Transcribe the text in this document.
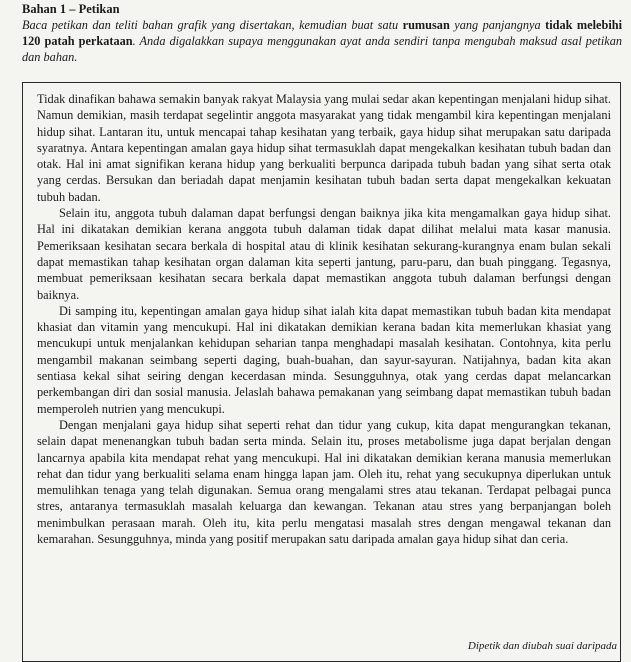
Bahan 1 – Petikan
Baca petikan dan teliti bahan grafik yang disertakan, kemudian buat satu rumusan yang panjangnya tidak melebihi 120 patah perkataan. Anda digalakkan supaya menggunakan ayat anda sendiri tanpa mengubah maksud asal petikan dan bahan.

Tidak dinafikan bahawa semakin banyak rakyat Malaysia yang mulai sedar akan kepentingan menjalani hidup sihat. Namun demikian, masih terdapat segelintir anggota masyarakat yang tidak mengambil kira kepentingan menjalani hidup sihat. Lantaran itu, untuk mencapai tahap kesihatan yang terbaik, gaya hidup sihat merupakan satu daripada syaratnya. Antara kepentingan amalan gaya hidup sihat termasuklah dapat mengekalkan kesihatan tubuh badan dan otak. Hal ini amat signifikan kerana hidup yang berkualiti berpunca daripada tubuh badan yang sihat serta otak yang cerdas. Bersukan dan beriadah dapat menjamin kesihatan tubuh badan serta dapat mengekalkan kekuatan tubuh badan.

Selain itu, anggota tubuh dalaman dapat berfungsi dengan baiknya jika kita mengamalkan gaya hidup sihat. Hal ini dikatakan demikian kerana anggota tubuh dalaman tidak dapat dilihat melalui mata kasar manusia. Pemeriksaan kesihatan secara berkala di hospital atau di klinik kesihatan sekurang-kurangnya enam bulan sekali dapat memastikan tahap kesihatan organ dalaman kita seperti jantung, paru-paru, dan buah pinggang. Tegasnya, membuat pemeriksaan kesihatan secara berkala dapat memastikan anggota tubuh dalaman berfungsi dengan baiknya.

Di samping itu, kepentingan amalan gaya hidup sihat ialah kita dapat memastikan tubuh badan kita mendapat khasiat dan vitamin yang mencukupi. Hal ini dikatakan demikian kerana badan kita memerlukan khasiat yang mencukupi untuk menjalankan kehidupan seharian tanpa menghadapi masalah kesihatan. Contohnya, kita perlu mengambil makanan seimbang seperti daging, buah-buahan, dan sayur-sayuran. Natijahnya, badan kita akan sentiasa kekal sihat seiring dengan kecerdasan minda. Sesungguhnya, otak yang cerdas dapat melancarkan perkembangan diri dan sosial manusia. Jelaslah bahawa pemakanan yang seimbang dapat memastikan tubuh badan memperoleh nutrien yang mencukupi.

Dengan menjalani gaya hidup sihat seperti rehat dan tidur yang cukup, kita dapat mengurangkan tekanan, selain dapat menenangkan tubuh badan serta minda. Selain itu, proses metabolisme juga dapat berjalan dengan lancarnya apabila kita mendapat rehat yang mencukupi. Hal ini dikatakan demikian kerana manusia memerlukan rehat dan tidur yang berkualiti selama enam hingga lapan jam. Oleh itu, rehat yang secukupnya diperlukan untuk memulihkan tenaga yang telah digunakan. Semua orang mengalami stres atau tekanan. Terdapat pelbagai punca stres, antaranya termasuklah masalah keluarga dan kewangan. Tekanan atau stres yang berpanjangan boleh menimbulkan perasaan marah. Oleh itu, kita perlu mengatasi masalah stres dengan mengawal tekanan dan kemarahan. Sesungguhnya, minda yang positif merupakan satu daripada amalan gaya hidup sihat dan ceria.

Dipetik dan diubah suai daripada
